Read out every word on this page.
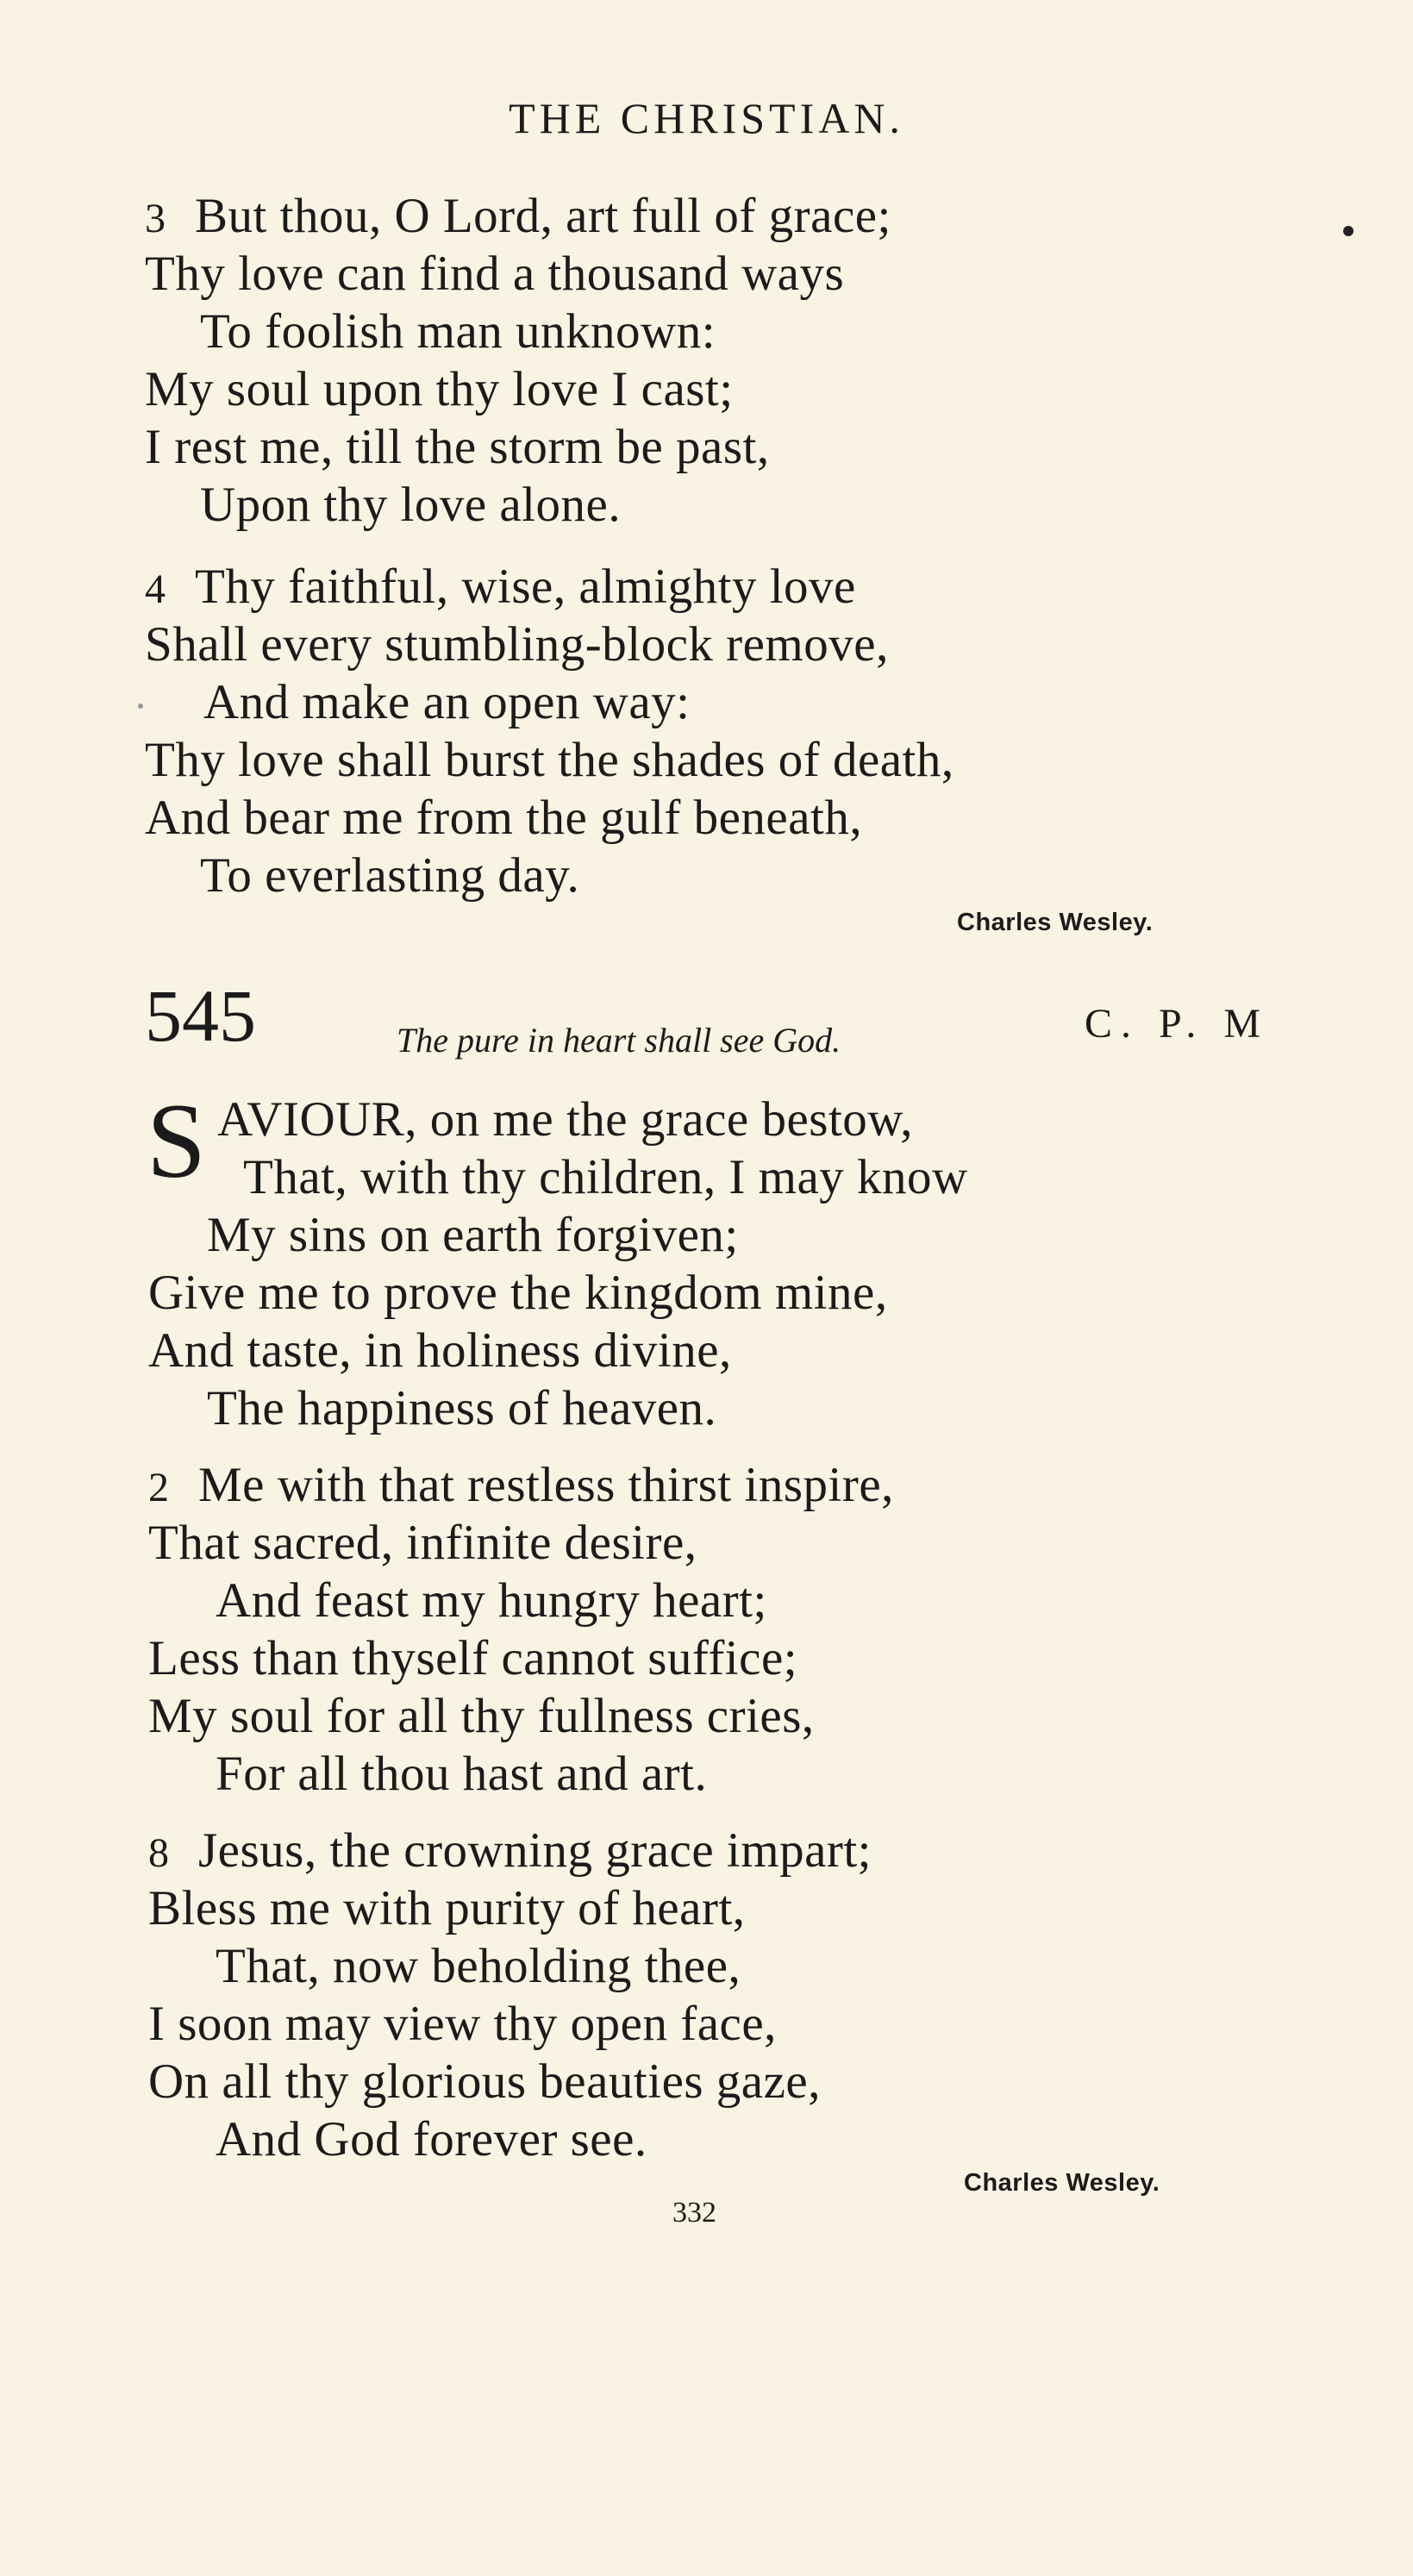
THE CHRISTIAN.
3 But thou, O Lord, art full of grace;
Thy love can find a thousand ways
To foolish man unknown:
My soul upon thy love I cast;
I rest me, till the storm be past,
Upon thy love alone.
4 Thy faithful, wise, almighty love
Shall every stumbling-block remove,
And make an open way:
Thy love shall burst the shades of death,
And bear me from the gulf beneath,
To everlasting day.
Charles Wesley.
545	The pure in heart shall see God.	C. P. M
S AVIOUR, on me the grace bestow,
That, with thy children, I may know
My sins on earth forgiven;
Give me to prove the kingdom mine,
And taste, in holiness divine,
The happiness of heaven.
2 Me with that restless thirst inspire,
That sacred, infinite desire,
And feast my hungry heart;
Less than thyself cannot suffice;
My soul for all thy fullness cries,
For all thou hast and art.
8 Jesus, the crowning grace impart;
Bless me with purity of heart,
That, now beholding thee,
I soon may view thy open face,
On all thy glorious beauties gaze,
And God forever see.
Charles Wesley.
332
